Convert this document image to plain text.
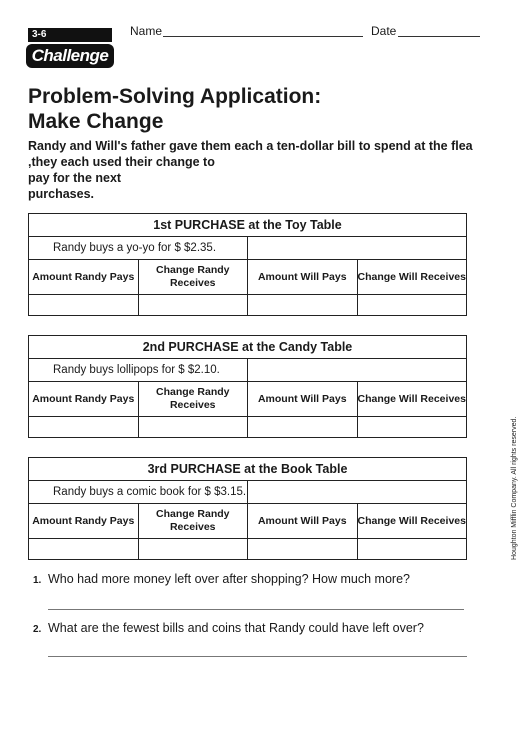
3-6
Challenge
Name	Date
Problem-Solving Application:
Make Change
Randy and Will's father gave them each a ten-dollar bill to spend at the flea
,they each used their change to
pay for the next
purchases.
1st PURCHASE at the Toy Table			
Randy buys a yo-yo for $ $2.35.			
Amount Randy Pays	Change Randy Receives	Amount Will Pays	Change Will Receives

2nd PURCHASE at the Candy Table			
Randy buys lollipops for $ $2.10.			
Amount Randy Pays	Change Randy Receives	Amount Will Pays	Change Will Receives

3rd PURCHASE at the Book Table			
Randy buys a comic book for $ $3.15.			
Amount Randy Pays	Change Randy Receives	Amount Will Pays	Change Will Receives

1. Who had more money left over after shopping? How much more?
2. What are the fewest bills and coins that Randy could have left over?
Houghton Mifflin Company. All rights reserved.
